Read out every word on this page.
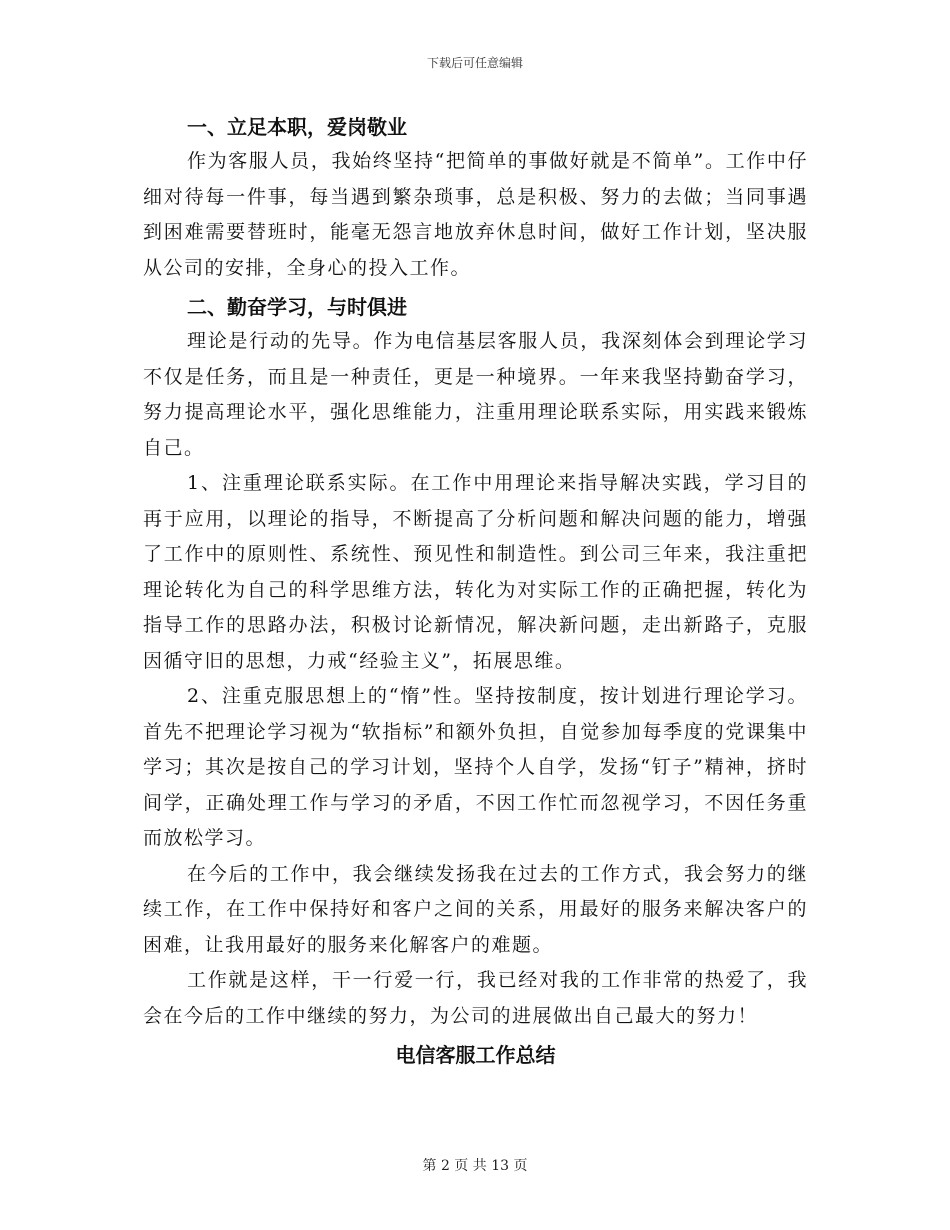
下载后可任意编辑
一、立足本职，爱岗敬业

作为客服人员，我始终坚持“把简单的事做好就是不简单”。工作中仔细对待每一件事，每当遇到繁杂琐事，总是积极、努力的去做；当同事遇到困难需要替班时，能毫无怨言地放弃休息时间，做好工作计划，坚决服从公司的安排，全身心的投入工作。

二、勤奋学习，与时俱进

理论是行动的先导。作为电信基层客服人员，我深刻体会到理论学习不仅是任务，而且是一种责任，更是一种境界。一年来我坚持勤奋学习，努力提高理论水平，强化思维能力，注重用理论联系实际，用实践来锻炼自己。

1、注重理论联系实际。在工作中用理论来指导解决实践，学习目的再于应用，以理论的指导，不断提高了分析问题和解决问题的能力，增强了工作中的原则性、系统性、预见性和制造性。到公司三年来，我注重把理论转化为自己的科学思维方法，转化为对实际工作的正确把握，转化为指导工作的思路办法，积极讨论新情况，解决新问题，走出新路子，克服因循守旧的思想，力戒“经验主义”，拓展思维。

2、注重克服思想上的“惰”性。坚持按制度，按计划进行理论学习。首先不把理论学习视为“软指标”和额外负担，自觉参加每季度的党课集中学习；其次是按自己的学习计划，坚持个人自学，发扬“钉子”精神，挤时间学，正确处理工作与学习的矛盾，不因工作忙而忽视学习，不因任务重而放松学习。

在今后的工作中，我会继续发扬我在过去的工作方式，我会努力的继续工作，在工作中保持好和客户之间的关系，用最好的服务来解决客户的困难，让我用最好的服务来化解客户的难题。

工作就是这样，干一行爱一行，我已经对我的工作非常的热爱了，我会在今后的工作中继续的努力，为公司的进展做出自己最大的努力！

电信客服工作总结
第 2 页 共 13 页
